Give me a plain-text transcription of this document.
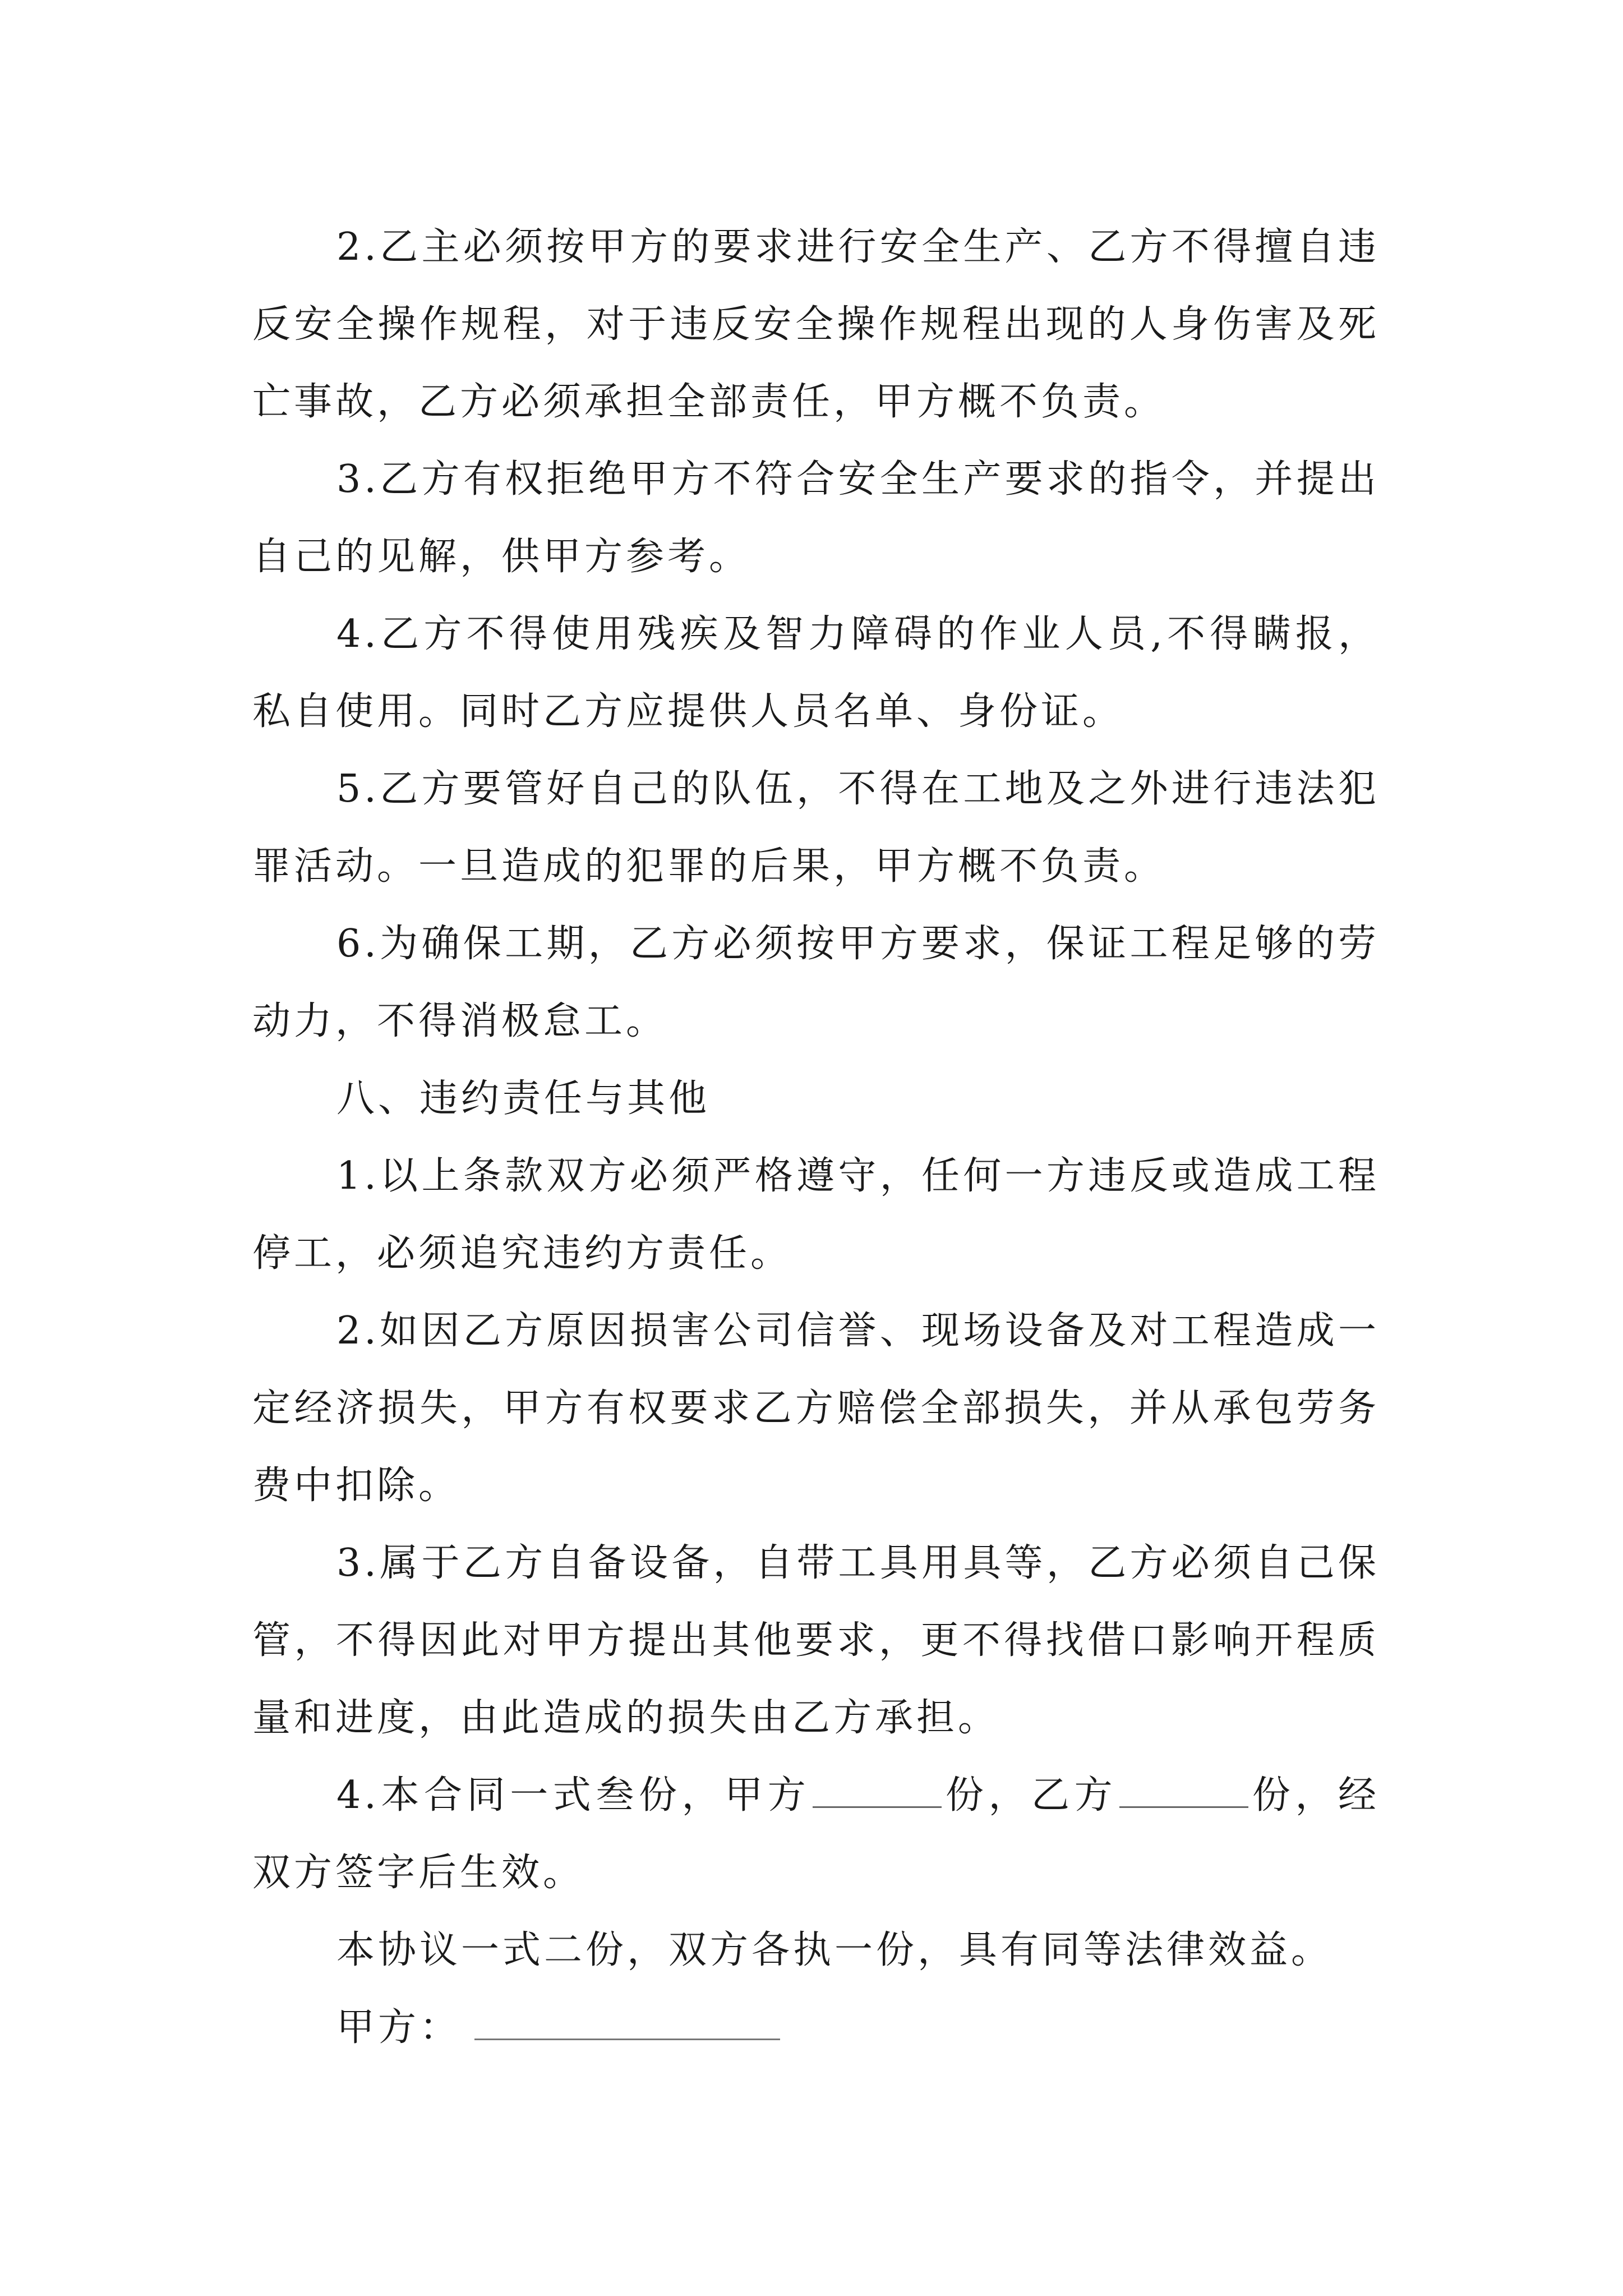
2.乙主必须按甲方的要求进行安全生产、乙方不得擅自违反安全操作规程，对于违反安全操作规程出现的人身伤害及死亡事故，乙方必须承担全部责任，甲方概不负责。

3.乙方有权拒绝甲方不符合安全生产要求的指令，并提出自己的见解，供甲方参考。

4.乙方不得使用残疾及智力障碍的作业人员,不得瞒报，私自使用。同时乙方应提供人员名单、身份证。

5.乙方要管好自己的队伍，不得在工地及之外进行违法犯罪活动。一旦造成的犯罪的后果，甲方概不负责。

6.为确保工期，乙方必须按甲方要求，保证工程足够的劳动力，不得消极怠工。

八、违约责任与其他

1.以上条款双方必须严格遵守，任何一方违反或造成工程停工，必须追究违约方责任。

2.如因乙方原因损害公司信誉、现场设备及对工程造成一定经济损失，甲方有权要求乙方赔偿全部损失，并从承包劳务费中扣除。

3.属于乙方自备设备，自带工具用具等，乙方必须自己保管，不得因此对甲方提出其他要求，更不得找借口影响开程质量和进度，由此造成的损失由乙方承担。

4.本合同一式叁份，甲方	份，乙方	份，经双方签字后生效。

本协议一式二份，双方各执一份，具有同等法律效益。

甲方：
